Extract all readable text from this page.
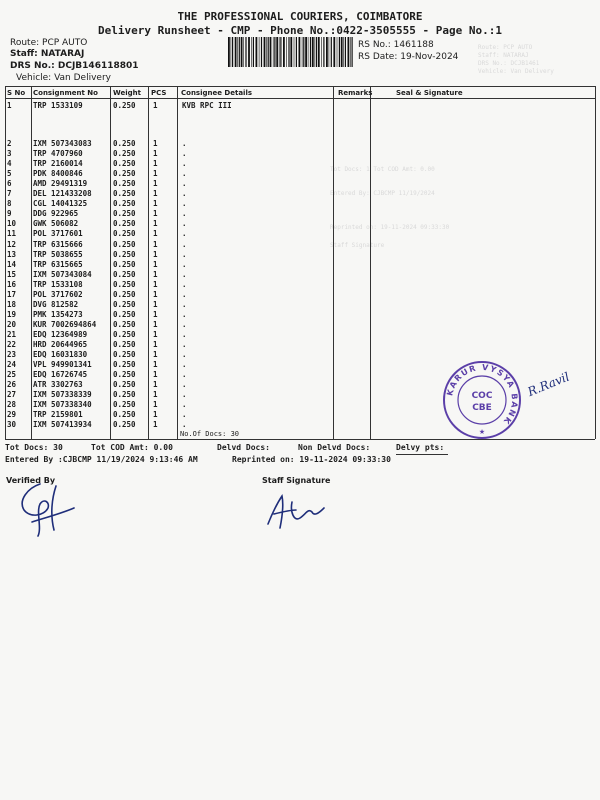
Route: PCP AUTO
Staff: NATARAJ
DRS No.: DCJB1461
Vehicle: Van Delivery
Tot Docs: 1 Tot COD Amt: 0.00
Entered By: CJBCMP 11/19/2024
Reprinted on: 19-11-2024 09:33:30
Staff Signature
THE PROFESSIONAL COURIERS, COIMBATORE
Delivery Runsheet - CMP - Phone No.:0422-3505555 - Page No.:1
Route: PCP AUTO
Staff: NATARAJ
DRS No.: DCJB146118801
Vehicle: Van Delivery
RS No.: 1461188
RS Date: 19-Nov-2024
S No Consignment No Weight PCS Consignee Details	Remarks	Seal & Signature
1	TRP 1533109	0.250 1	KVB RPC III
2	IXM 507343083	0.250 1	.
3	TRP 4707960	0.250 1	.
4	TRP 2160014	0.250 1	.
5	PDK 8400846	0.250 1	.
6	AMD 29491319	0.250 1	.
7	DEL 121433208	0.250 1	.
8	CGL 14041325	0.250 1	.
9	DDG 922965	0.250 1	.
10 GWK 506082	0.250 1	.
11 POL 3717601	0.250 1	.
12 TRP 6315666	0.250 1	.
13 TRP 5038655	0.250 1	.
14 TRP 6315665	0.250 1	.
15 IXM 507343084	0.250 1	.
16 TRP 1533108	0.250 1	.
17 POL 3717602	0.250 1	.
18 DVG 812582	0.250 1	.
19 PMK 1354273	0.250 1	.
20 KUR 7002694864 0.250 1	.
21 EDQ 12364989	0.250 1	.
22 HRD 20644965	0.250 1	.
23 EDQ 16031830	0.250 1	.
24 VPL 949901341	0.250 1	.
25 EDQ 16726745	0.250 1	.
26 ATR 3302763	0.250 1	.
27 IXM 507338339	0.250 1	.
28 IXM 507338340	0.250 1	.
29 TRP 2159801	0.250 1	.
30 IXM 507413934	0.250 1	.
No.Of Docs: 30
Tot Docs: 30	Tot COD Amt: 0.00	Delvd Docs:	Non Delvd Docs:	Delvy pts:
Entered By :CJBCMP 11/19/2024 9:13:46 AM	Reprinted on: 19-11-2024 09:33:30
Verified By	Staff Signature
KARUR VYSYA BANK
COC
CBE
★
R.Ravil
